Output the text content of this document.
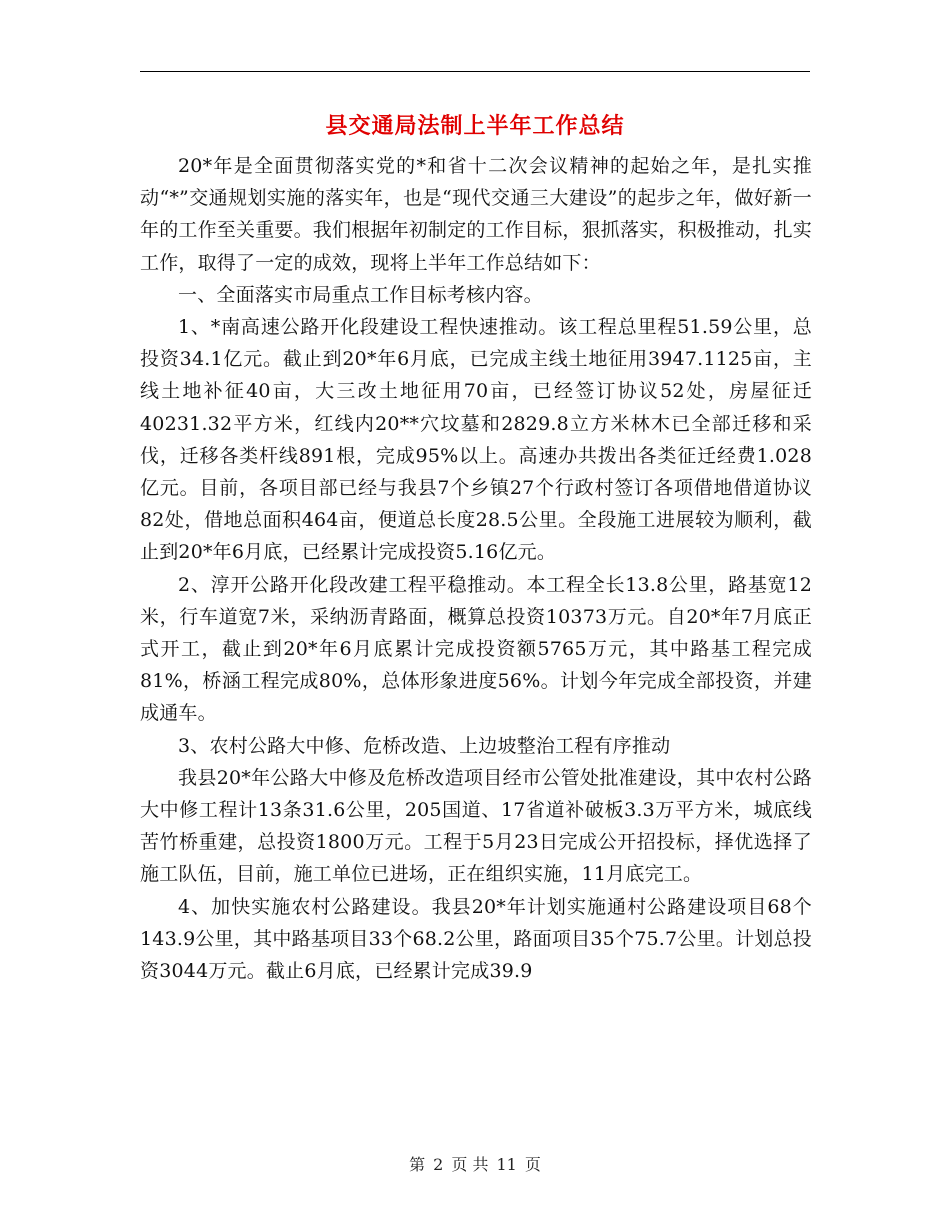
县交通局法制上半年工作总结

20*年是全面贯彻落实党的*和省十二次会议精神的起始之年，是扎实推动“*”交通规划实施的落实年，也是“现代交通三大建设”的起步之年，做好新一年的工作至关重要。我们根据年初制定的工作目标，狠抓落实，积极推动，扎实工作，取得了一定的成效，现将上半年工作总结如下：

一、全面落实市局重点工作目标考核内容。

1、*南高速公路开化段建设工程快速推动。该工程总里程51.59公里，总投资34.1亿元。截止到20*年6月底，已完成主线土地征用3947.1125亩，主线土地补征40亩，大三改土地征用70亩，已经签订协议52处，房屋征迁40231.32平方米，红线内20**穴坟墓和2829.8立方米林木已全部迁移和采伐，迁移各类杆线891根，完成95%以上。高速办共拨出各类征迁经费1.028亿元。目前，各项目部已经与我县7个乡镇27个行政村签订各项借地借道协议82处，借地总面积464亩，便道总长度28.5公里。全段施工进展较为顺利，截止到20*年6月底，已经累计完成投资5.16亿元。

2、淳开公路开化段改建工程平稳推动。本工程全长13.8公里，路基宽12米，行车道宽7米，采纳沥青路面，概算总投资10373万元。自20*年7月底正式开工，截止到20*年6月底累计完成投资额5765万元，其中路基工程完成81%，桥涵工程完成80%，总体形象进度56%。计划今年完成全部投资，并建成通车。

3、农村公路大中修、危桥改造、上边坡整治工程有序推动

我县20*年公路大中修及危桥改造项目经市公管处批准建设，其中农村公路大中修工程计13条31.6公里，205国道、17省道补破板3.3万平方米，城底线苦竹桥重建，总投资1800万元。工程于5月23日完成公开招投标，择优选择了施工队伍，目前，施工单位已进场，正在组织实施，11月底完工。

4、加快实施农村公路建设。我县20*年计划实施通村公路建设项目68个143.9公里，其中路基项目33个68.2公里，路面项目35个75.7公里。计划总投资3044万元。截止6月底，已经累计完成39.9

第 2 页 共 11 页
